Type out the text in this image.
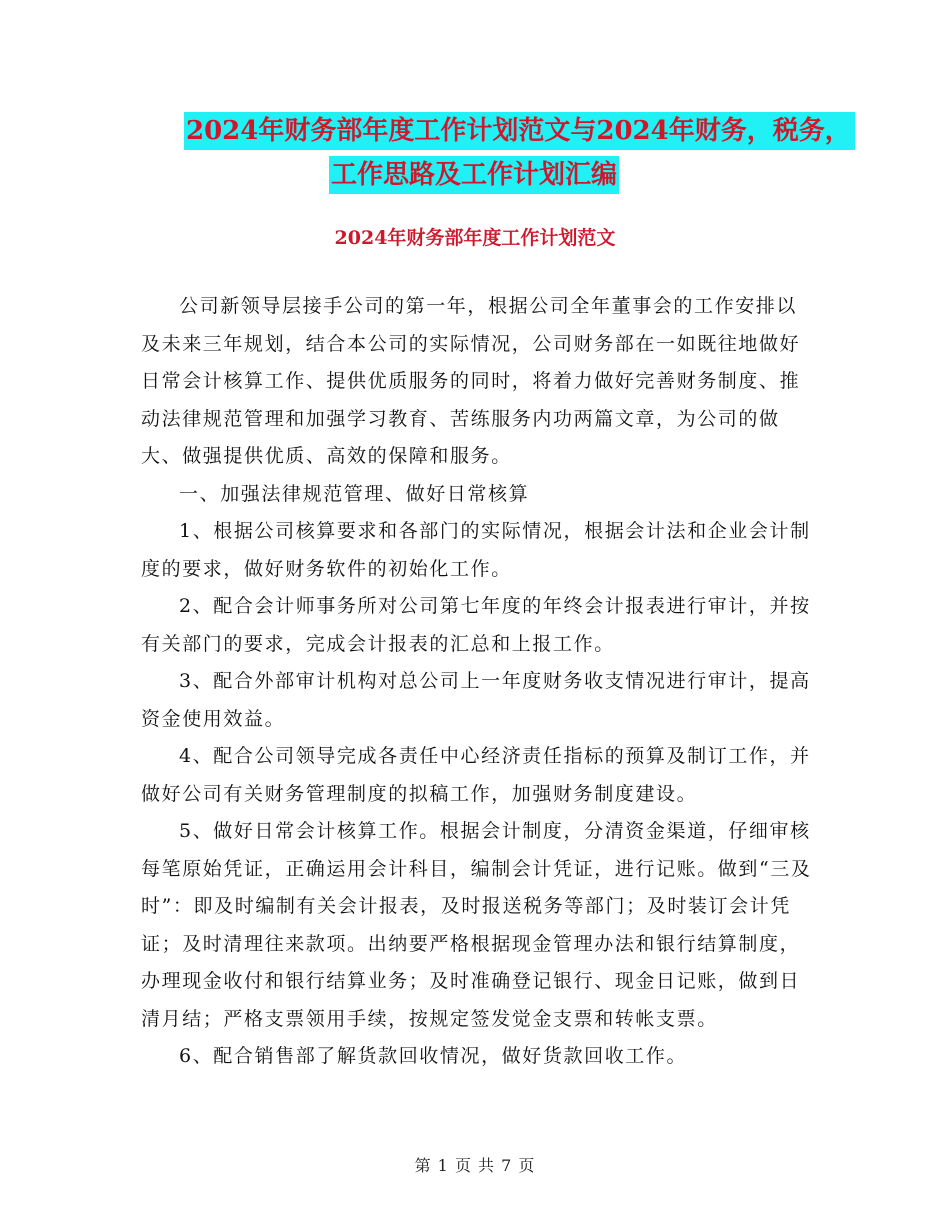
2024年财务部年度工作计划范文与2024年财务，税务，
工作思路及工作计划汇编
2024年财务部年度工作计划范文

公司新领导层接手公司的第一年，根据公司全年董事会的工作安排以及未来三年规划，结合本公司的实际情况，公司财务部在一如既往地做好日常会计核算工作、提供优质服务的同时，将着力做好完善财务制度、推动法律规范管理和加强学习教育、苦练服务内功两篇文章，为公司的做大、做强提供优质、高效的保障和服务。

一、加强法律规范管理、做好日常核算

1、根据公司核算要求和各部门的实际情况，根据会计法和企业会计制度的要求，做好财务软件的初始化工作。

2、配合会计师事务所对公司第七年度的年终会计报表进行审计，并按有关部门的要求，完成会计报表的汇总和上报工作。

3、配合外部审计机构对总公司上一年度财务收支情况进行审计，提高资金使用效益。

4、配合公司领导完成各责任中心经济责任指标的预算及制订工作，并做好公司有关财务管理制度的拟稿工作，加强财务制度建设。

5、做好日常会计核算工作。根据会计制度，分清资金渠道，仔细审核每笔原始凭证，正确运用会计科目，编制会计凭证，进行记账。做到“三及时”：即及时编制有关会计报表，及时报送税务等部门；及时装订会计凭证；及时清理往来款项。出纳要严格根据现金管理办法和银行结算制度，办理现金收付和银行结算业务；及时准确登记银行、现金日记账，做到日清月结；严格支票领用手续，按规定签发觉金支票和转帐支票。

6、配合销售部了解货款回收情况，做好货款回收工作。

第 1 页 共 7 页
